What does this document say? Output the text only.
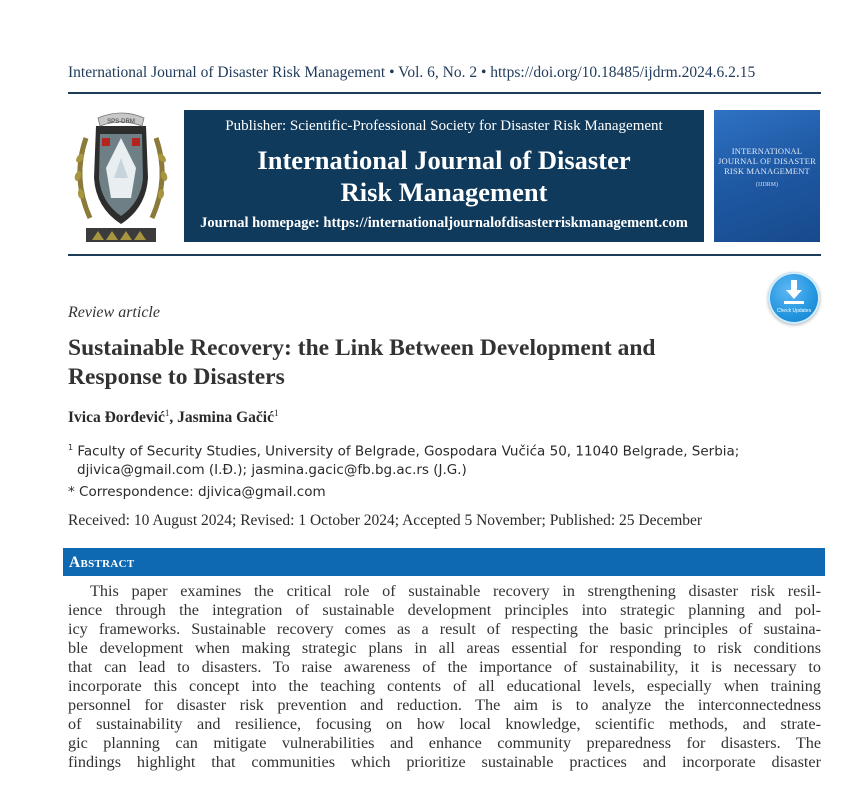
International Journal of Disaster Risk Management • Vol. 6, No. 2 • https://doi.org/10.18485/ijdrm.2024.6.2.15
SPS-DRM	Publisher: Scientific-Professional Society for Disaster Risk Management
International Journal of Disaster
Risk Management
Journal homepage: https://internationaljournalofdisasterriskmanagement.com

INTERNATIONAL JOURNAL OF DISASTER RISK MANAGEMENT
(IJDRM)
Check Updates
Review article
Sustainable Recovery: the Link Between Development and
Response to Disasters
Ivica Đorđević$^1$, Jasmina Gačić$^1$
$^1$ Faculty of Security Studies, University of Belgrade, Gospodara Vučića 50, 11040 Belgrade, Serbia;
djivica@gmail.com (I.Đ.); jasmina.gacic@fb.bg.ac.rs (J.G.)
* Correspondence: djivica@gmail.com
Received: 10 August 2024; Revised: 1 October 2024; Accepted 5 November; Published: 25 December
Abstract
This paper examines the critical role of sustainable recovery in strengthening disaster risk resil-
ience through the integration of sustainable development principles into strategic planning and pol-
icy frameworks. Sustainable recovery comes as a result of respecting the basic principles of sustaina-
ble development when making strategic plans in all areas essential for responding to risk conditions
that can lead to disasters. To raise awareness of the importance of sustainability, it is necessary to
incorporate this concept into the teaching contents of all educational levels, especially when training
personnel for disaster risk prevention and reduction. The aim is to analyze the interconnectedness
of sustainability and resilience, focusing on how local knowledge, scientific methods, and strate-
gic planning can mitigate vulnerabilities and enhance community preparedness for disasters. The
findings highlight that communities which prioritize sustainable practices and incorporate disaster
